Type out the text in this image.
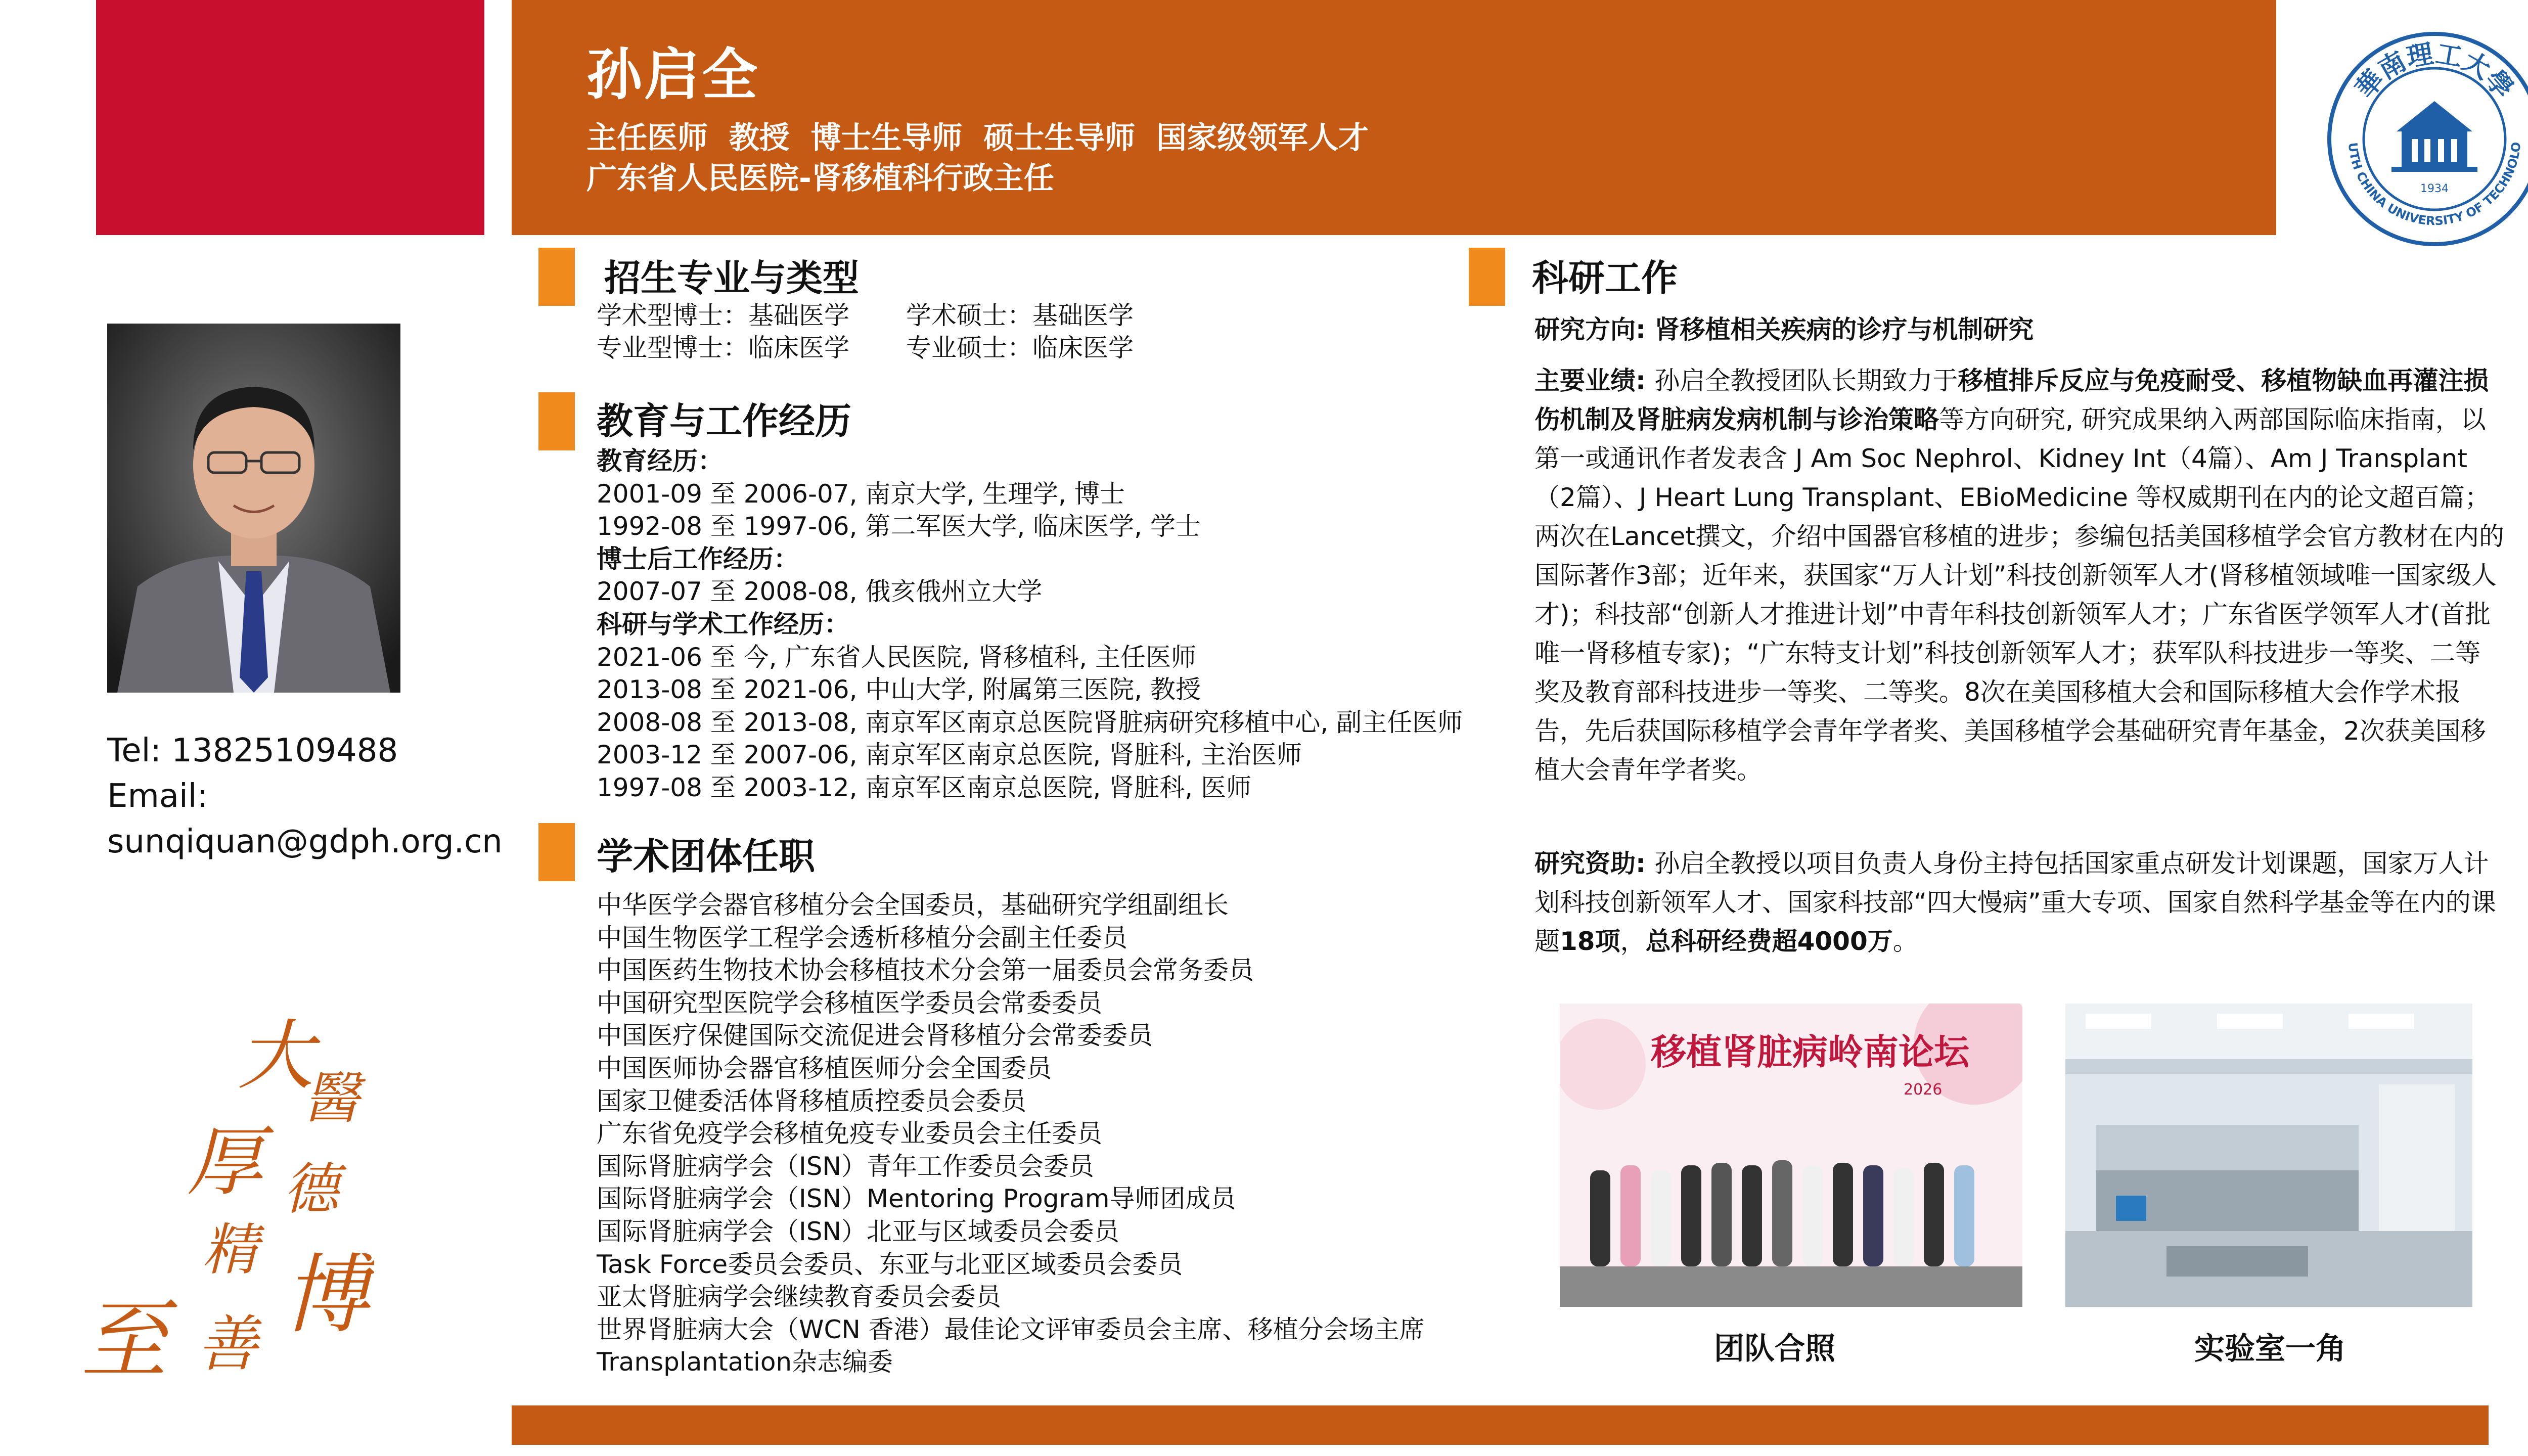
孙启全
主任医师  教授  博士生导师  硕士生导师  国家级领军人才
广东省人民医院-肾移植科行政主任
華南理工大學
UTH CHINA UNIVERSITY OF TECHNOLO
1934
Tel: 13825109488
Email:
sunqiquan@gdph.org.cn
大
醫
厚 德
精 博
至 善
招生专业与类型
学术型博士：基础医学 学术硕士：基础医学
专业型博士：临床医学 专业硕士：临床医学
教育与工作经历
教育经历：
2001-09 至 2006-07, 南京大学, 生理学, 博士
1992-08 至 1997-06, 第二军医大学, 临床医学, 学士
博士后工作经历：
2007-07 至 2008-08, 俄亥俄州立大学
科研与学术工作经历：
2021-06 至 今, 广东省人民医院, 肾移植科, 主任医师
2013-08 至 2021-06, 中山大学, 附属第三医院, 教授
2008-08 至 2013-08, 南京军区南京总医院肾脏病研究移植中心, 副主任医师
2003-12 至 2007-06, 南京军区南京总医院, 肾脏科, 主治医师
1997-08 至 2003-12, 南京军区南京总医院, 肾脏科, 医师
学术团体任职
中华医学会器官移植分会全国委员，基础研究学组副组长
中国生物医学工程学会透析移植分会副主任委员
中国医药生物技术协会移植技术分会第一届委员会常务委员
中国研究型医院学会移植医学委员会常委委员
中国医疗保健国际交流促进会肾移植分会常委委员
中国医师协会器官移植医师分会全国委员
国家卫健委活体肾移植质控委员会委员
广东省免疫学会移植免疫专业委员会主任委员
国际肾脏病学会（ISN）青年工作委员会委员
国际肾脏病学会（ISN）Mentoring Program导师团成员
国际肾脏病学会（ISN）北亚与区域委员会委员
Task Force委员会委员、东亚与北亚区域委员会委员
亚太肾脏病学会继续教育委员会委员
世界肾脏病大会（WCN 香港）最佳论文评审委员会主席、移植分会场主席
Transplantation杂志编委
科研工作
研究方向: 肾移植相关疾病的诊疗与机制研究
主要业绩: 孙启全教授团队长期致力于移植排斥反应与免疫耐受、移植物缺血再灌注损伤机制及肾脏病发病机制与诊治策略等方向研究, 研究成果纳入两部国际临床指南，以第一或通讯作者发表含 J Am Soc Nephrol、Kidney Int（4篇）、Am J Transplant（2篇）、J Heart Lung Transplant、EBioMedicine 等权威期刊在内的论文超百篇；两次在Lancet撰文，介绍中国器官移植的进步；参编包括美国移植学会官方教材在内的国际著作3部；近年来，获国家“万人计划”科技创新领军人才(肾移植领域唯一国家级人才)；科技部“创新人才推进计划”中青年科技创新领军人才；广东省医学领军人才(首批唯一肾移植专家)；“广东特支计划”科技创新领军人才；获军队科技进步一等奖、二等奖及教育部科技进步一等奖、二等奖。8次在美国移植大会和国际移植大会作学术报告，先后获国际移植学会青年学者奖、美国移植学会基础研究青年基金，2次获美国移植大会青年学者奖。
研究资助: 孙启全教授以项目负责人身份主持包括国家重点研发计划课题，国家万人计划科技创新领军人才、国家科技部“四大慢病”重大专项、国家自然科学基金等在内的课题18项，总科研经费超4000万。
移植肾脏病岭南论坛
2026
团队合照	实验室一角
